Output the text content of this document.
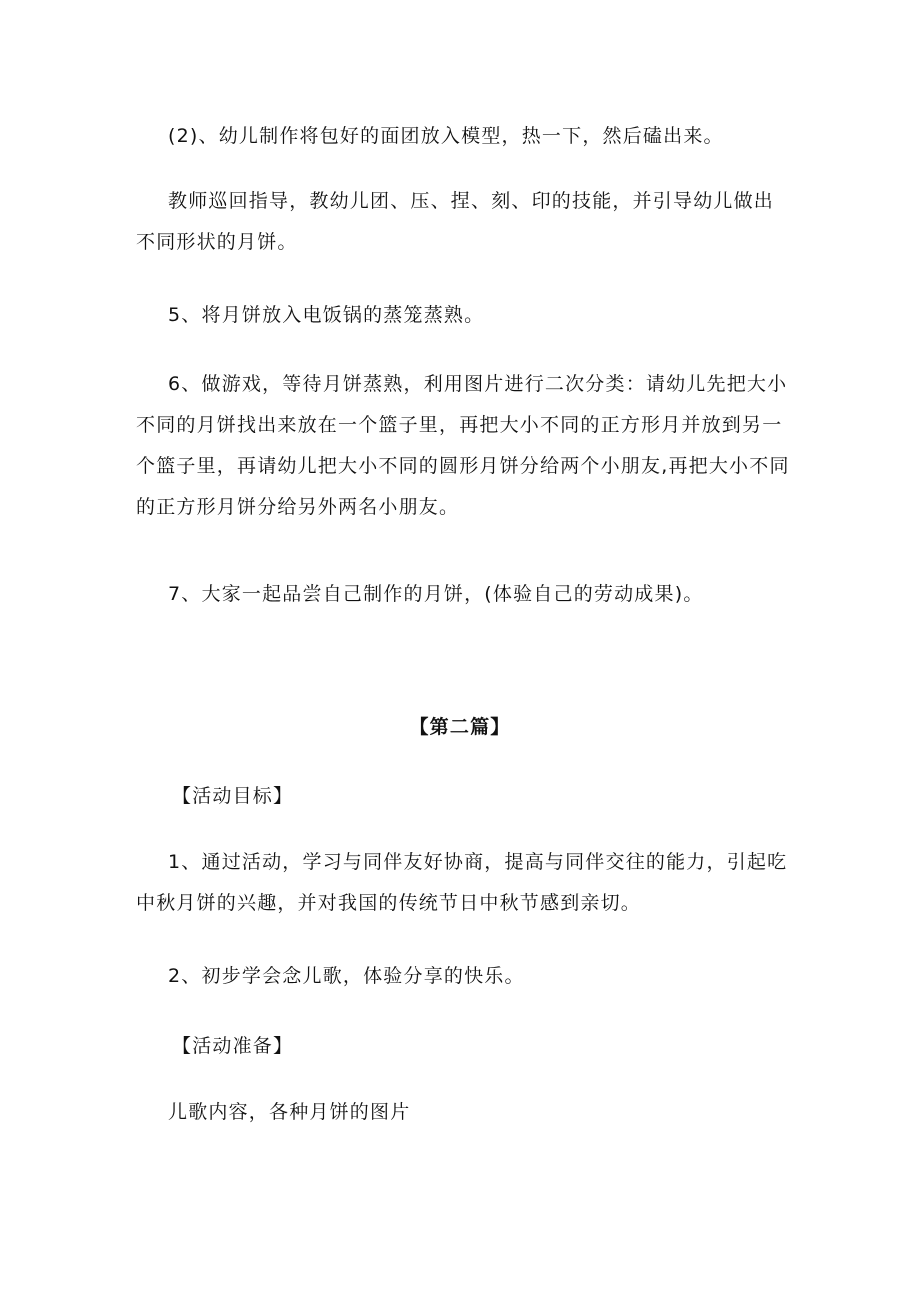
(2)、幼儿制作将包好的面团放入模型，热一下，然后磕出来。

教师巡回指导，教幼儿团、压、捏、刻、印的技能，并引导幼儿做出不同形状的月饼。

5、将月饼放入电饭锅的蒸笼蒸熟。

6、做游戏，等待月饼蒸熟，利用图片进行二次分类：请幼儿先把大小不同的月饼找出来放在一个篮子里，再把大小不同的正方形月并放到另一个篮子里，再请幼儿把大小不同的圆形月饼分给两个小朋友,再把大小不同的正方形月饼分给另外两名小朋友。

7、大家一起品尝自己制作的月饼，(体验自己的劳动成果)。

【第二篇】

【活动目标】

1、通过活动，学习与同伴友好协商，提高与同伴交往的能力，引起吃中秋月饼的兴趣，并对我国的传统节日中秋节感到亲切。

2、初步学会念儿歌，体验分享的快乐。

【活动准备】

儿歌内容，各种月饼的图片
